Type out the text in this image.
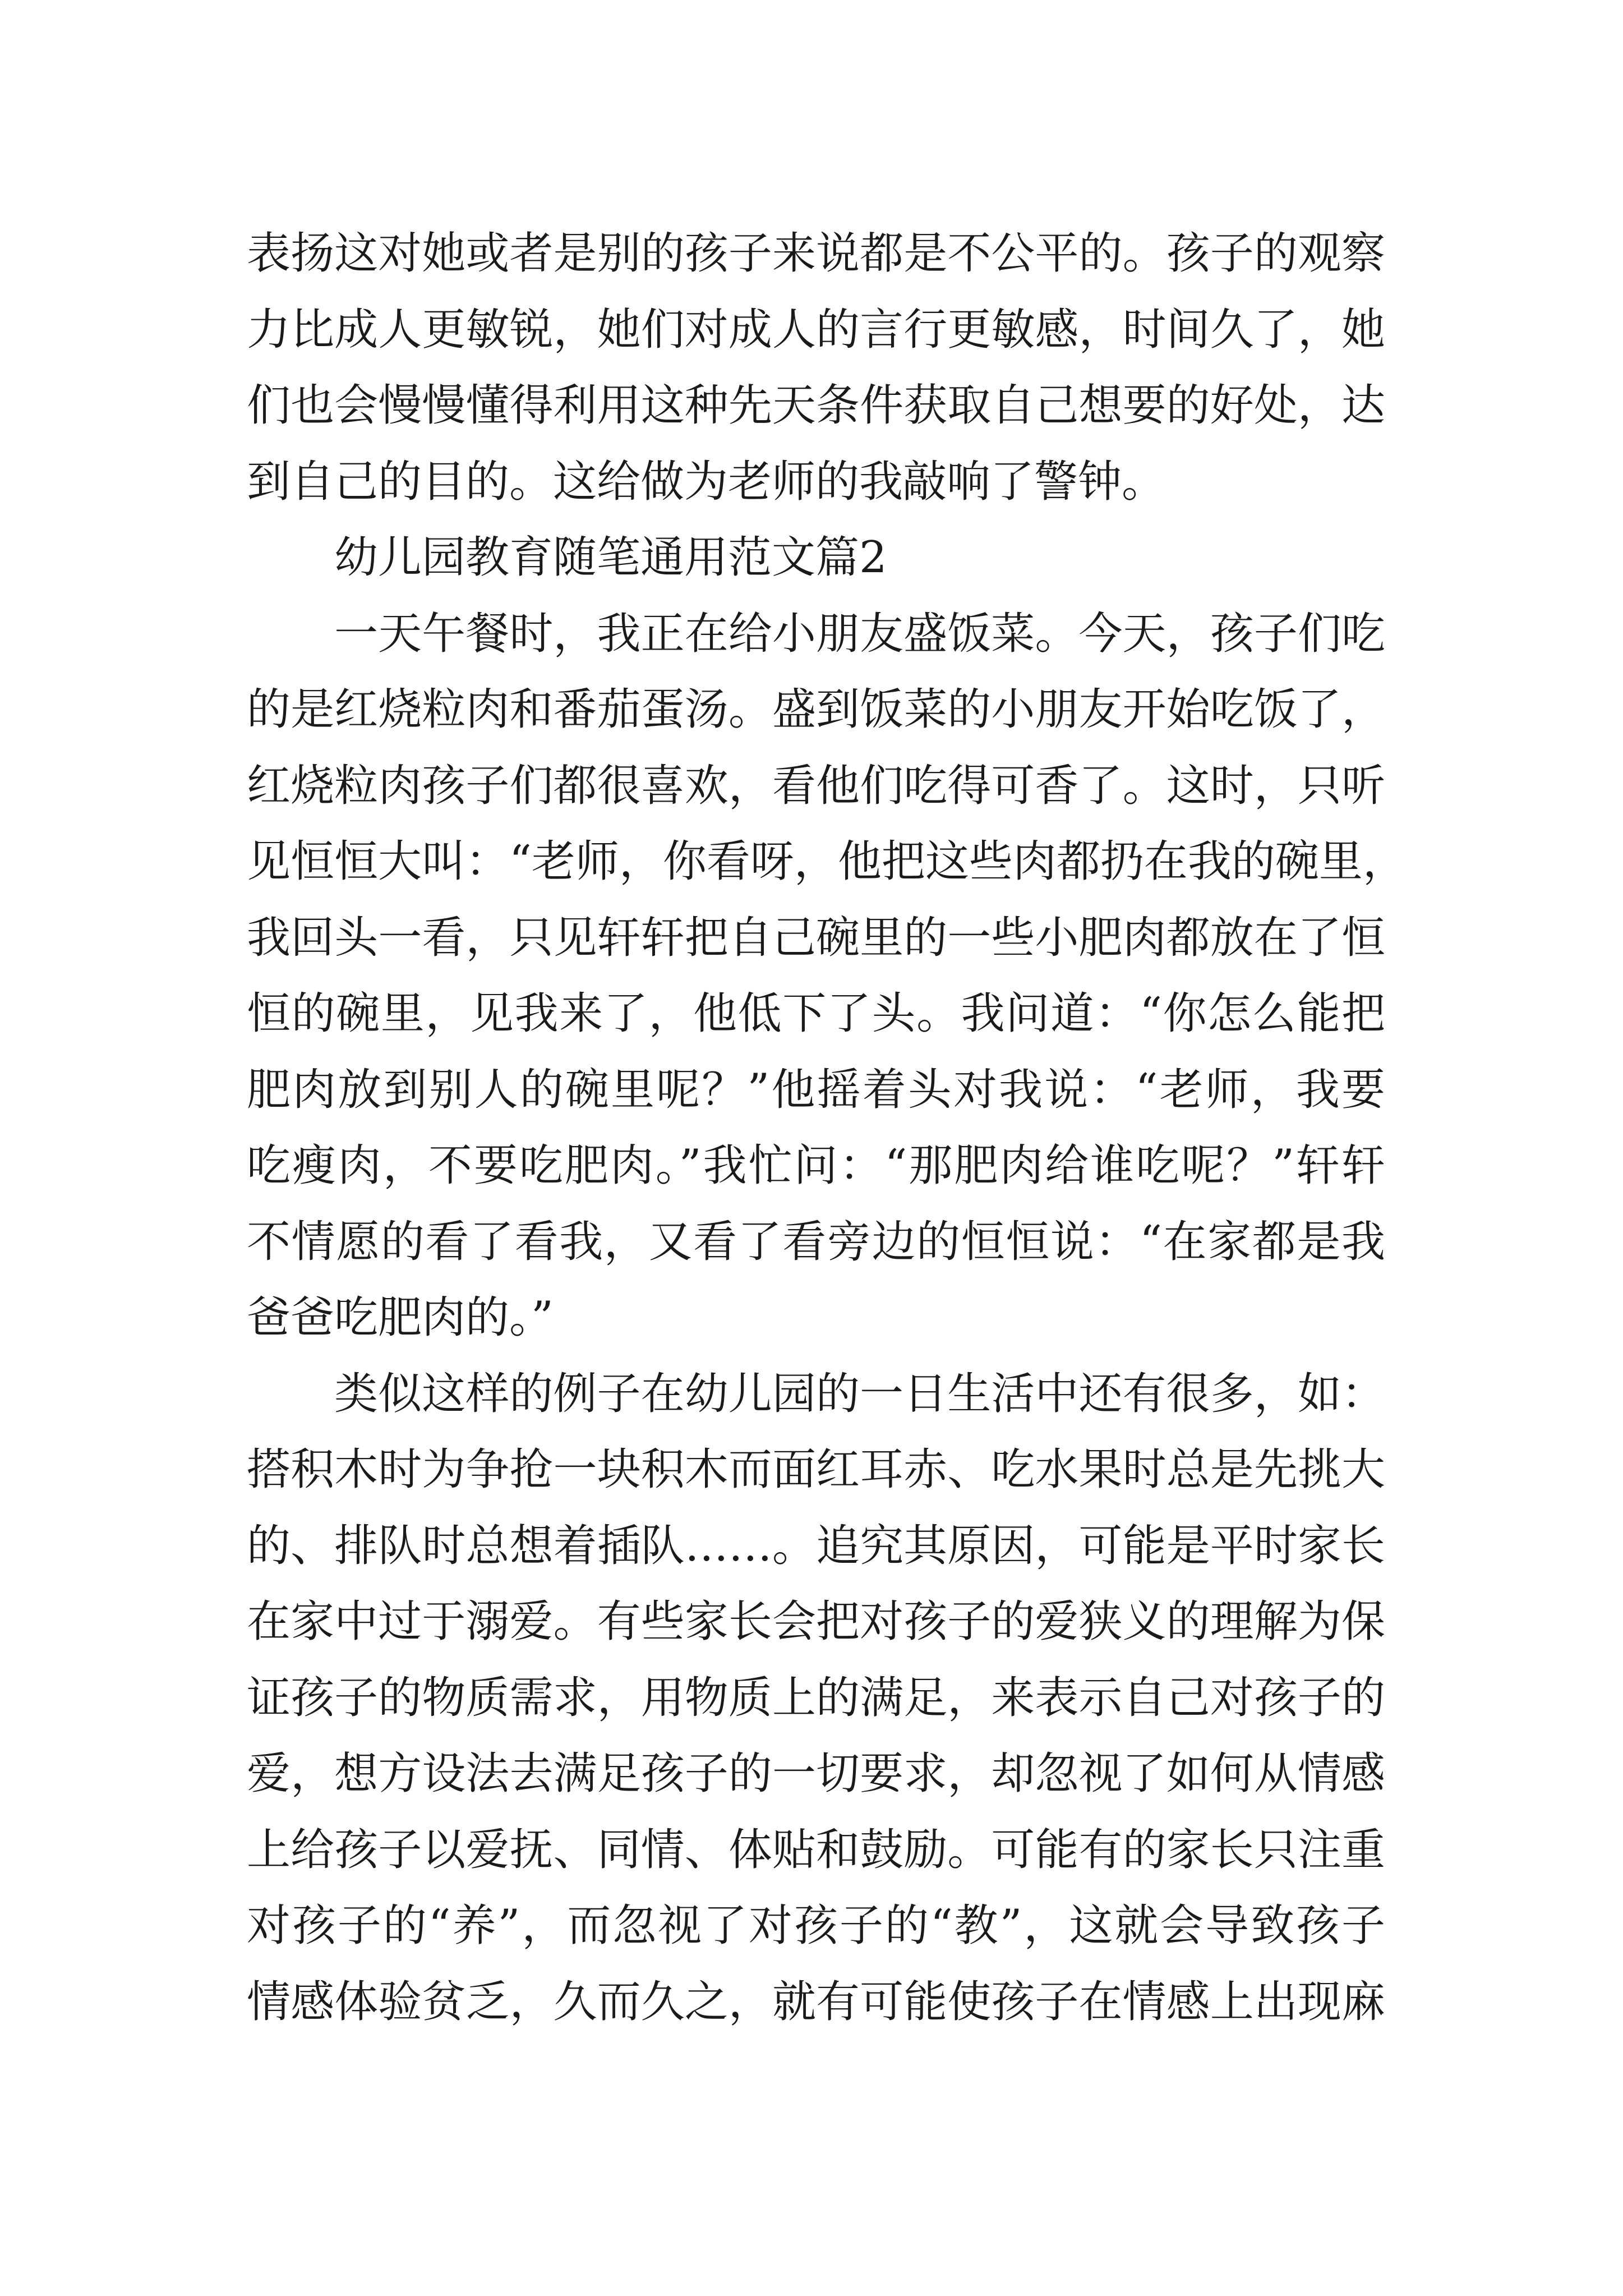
表扬这对她或者是别的孩子来说都是不公平的。孩子的观察
力比成人更敏锐，她们对成人的言行更敏感，时间久了，她
们也会慢慢懂得利用这种先天条件获取自己想要的好处，达
到自己的目的。这给做为老师的我敲响了警钟。
幼儿园教育随笔通用范文篇2
一天午餐时，我正在给小朋友盛饭菜。今天，孩子们吃
的是红烧粒肉和番茄蛋汤。盛到饭菜的小朋友开始吃饭了，
红烧粒肉孩子们都很喜欢，看他们吃得可香了。这时，只听
见恒恒大叫：“老师，你看呀，他把这些肉都扔在我的碗里，
我回头一看，只见轩轩把自己碗里的一些小肥肉都放在了恒
恒的碗里，见我来了，他低下了头。我问道：“你怎么能把
肥肉放到别人的碗里呢？”他摇着头对我说：“老师，我要
吃瘦肉，不要吃肥肉。”我忙问：“那肥肉给谁吃呢？”轩轩
不情愿的看了看我，又看了看旁边的恒恒说：“在家都是我
爸爸吃肥肉的。”
类似这样的例子在幼儿园的一日生活中还有很多，如：
搭积木时为争抢一块积木而面红耳赤、吃水果时总是先挑大
的、排队时总想着插队……。追究其原因，可能是平时家长
在家中过于溺爱。有些家长会把对孩子的爱狭义的理解为保
证孩子的物质需求，用物质上的满足，来表示自己对孩子的
爱，想方设法去满足孩子的一切要求，却忽视了如何从情感
上给孩子以爱抚、同情、体贴和鼓励。可能有的家长只注重
对孩子的“养”，而忽视了对孩子的“教”，这就会导致孩子
情感体验贫乏，久而久之，就有可能使孩子在情感上出现麻
